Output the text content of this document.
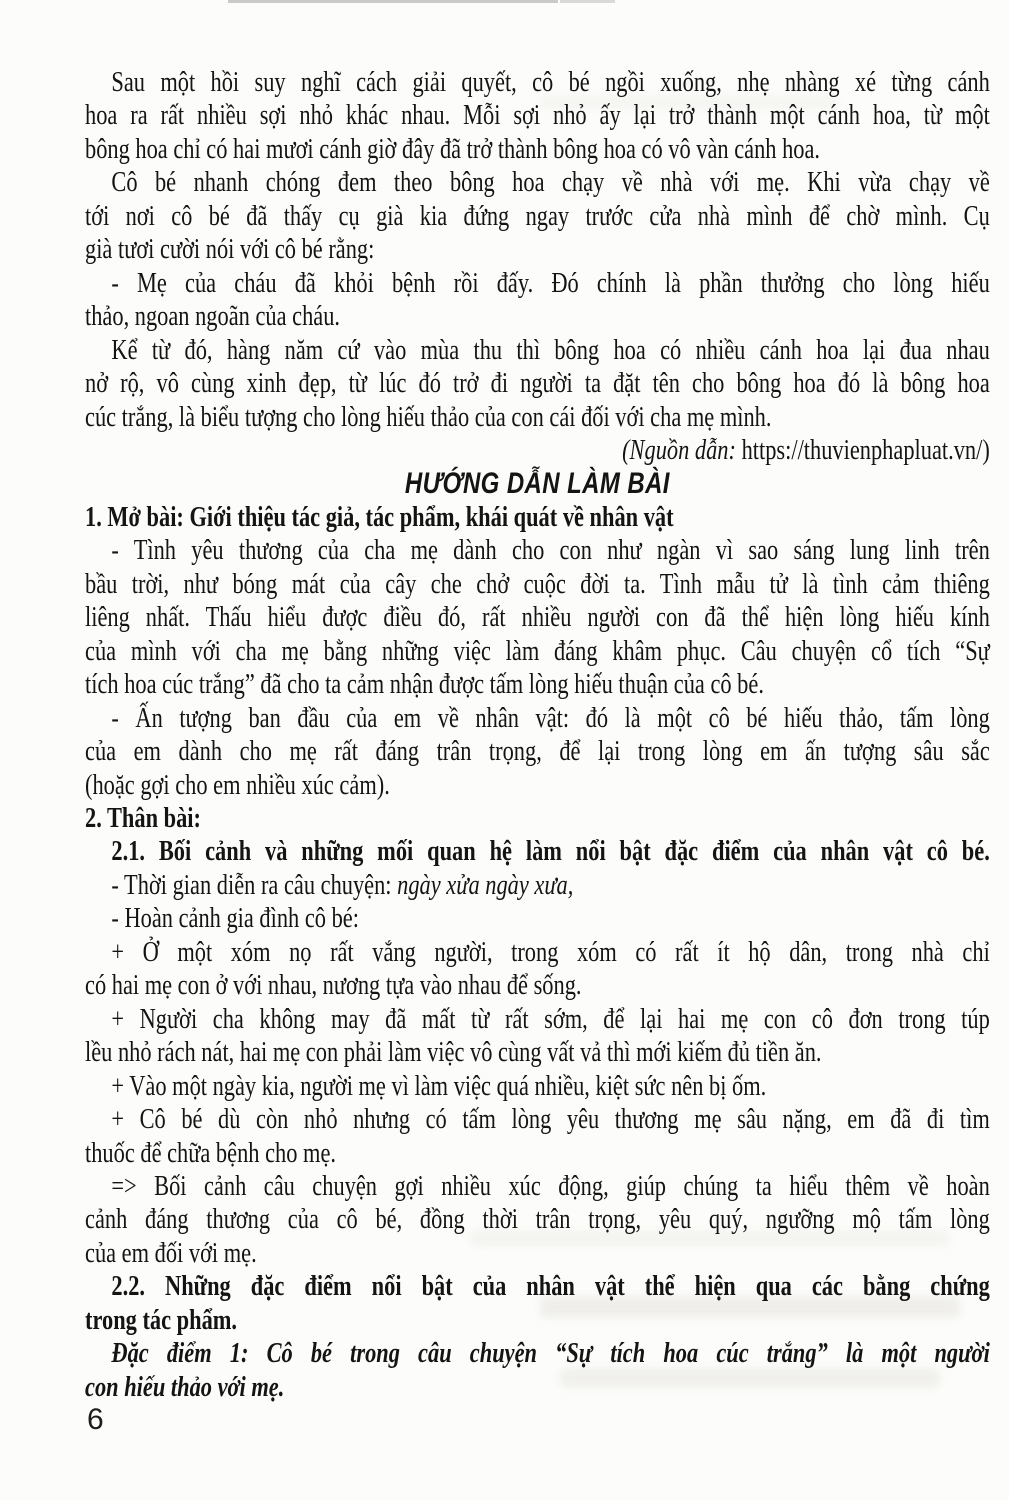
Sau một hồi suy nghĩ cách giải quyết, cô bé ngồi xuống, nhẹ nhàng xé từng cánh
hoa ra rất nhiều sợi nhỏ khác nhau. Mỗi sợi nhỏ ấy lại trở thành một cánh hoa, từ một
bông hoa chỉ có hai mươi cánh giờ đây đã trở thành bông hoa có vô vàn cánh hoa.
Cô bé nhanh chóng đem theo bông hoa chạy về nhà với mẹ. Khi vừa chạy về
tới nơi cô bé đã thấy cụ già kia đứng ngay trước cửa nhà mình để chờ mình. Cụ
già tươi cười nói với cô bé rằng:
- Mẹ của cháu đã khỏi bệnh rồi đấy. Đó chính là phần thưởng cho lòng hiếu
thảo, ngoan ngoãn của cháu.
Kể từ đó, hàng năm cứ vào mùa thu thì bông hoa có nhiều cánh hoa lại đua nhau
nở rộ, vô cùng xinh đẹp, từ lúc đó trở đi người ta đặt tên cho bông hoa đó là bông hoa
cúc trắng, là biểu tượng cho lòng hiếu thảo của con cái đối với cha mẹ mình.
(Nguồn dẫn: https://thuvienphapluat.vn/)
HƯỚNG DẪN LÀM BÀI
1. Mở bài: Giới thiệu tác giả, tác phẩm, khái quát về nhân vật
- Tình yêu thương của cha mẹ dành cho con như ngàn vì sao sáng lung linh trên
bầu trời, như bóng mát của cây che chở cuộc đời ta. Tình mẫu tử là tình cảm thiêng
liêng nhất. Thấu hiểu được điều đó, rất nhiều người con đã thể hiện lòng hiếu kính
của mình với cha mẹ bằng những việc làm đáng khâm phục. Câu chuyện cổ tích “Sự
tích hoa cúc trắng” đã cho ta cảm nhận được tấm lòng hiếu thuận của cô bé.
- Ấn tượng ban đầu của em về nhân vật: đó là một cô bé hiếu thảo, tấm lòng
của em dành cho mẹ rất đáng trân trọng, để lại trong lòng em ấn tượng sâu sắc
(hoặc gợi cho em nhiều xúc cảm).
2. Thân bài:
2.1. Bối cảnh và những mối quan hệ làm nổi bật đặc điểm của nhân vật cô bé.
- Thời gian diễn ra câu chuyện: ngày xửa ngày xưa,
- Hoàn cảnh gia đình cô bé:
+ Ở một xóm nọ rất vắng người, trong xóm có rất ít hộ dân, trong nhà chỉ
có hai mẹ con ở với nhau, nương tựa vào nhau để sống.
+ Người cha không may đã mất từ rất sớm, để lại hai mẹ con cô đơn trong túp
lều nhỏ rách nát, hai mẹ con phải làm việc vô cùng vất vả thì mới kiếm đủ tiền ăn.
+ Vào một ngày kia, người mẹ vì làm việc quá nhiều, kiệt sức nên bị ốm.
+ Cô bé dù còn nhỏ nhưng có tấm lòng yêu thương mẹ sâu nặng, em đã đi tìm
thuốc để chữa bệnh cho mẹ.
=> Bối cảnh câu chuyện gợi nhiều xúc động, giúp chúng ta hiểu thêm về hoàn
cảnh đáng thương của cô bé, đồng thời trân trọng, yêu quý, ngưỡng mộ tấm lòng
của em đối với mẹ.
2.2. Những đặc điểm nổi bật của nhân vật thể hiện qua các bằng chứng
trong tác phẩm.
Đặc điểm 1: Cô bé trong câu chuyện “Sự tích hoa cúc trắng” là một người
con hiếu thảo với mẹ.
6
